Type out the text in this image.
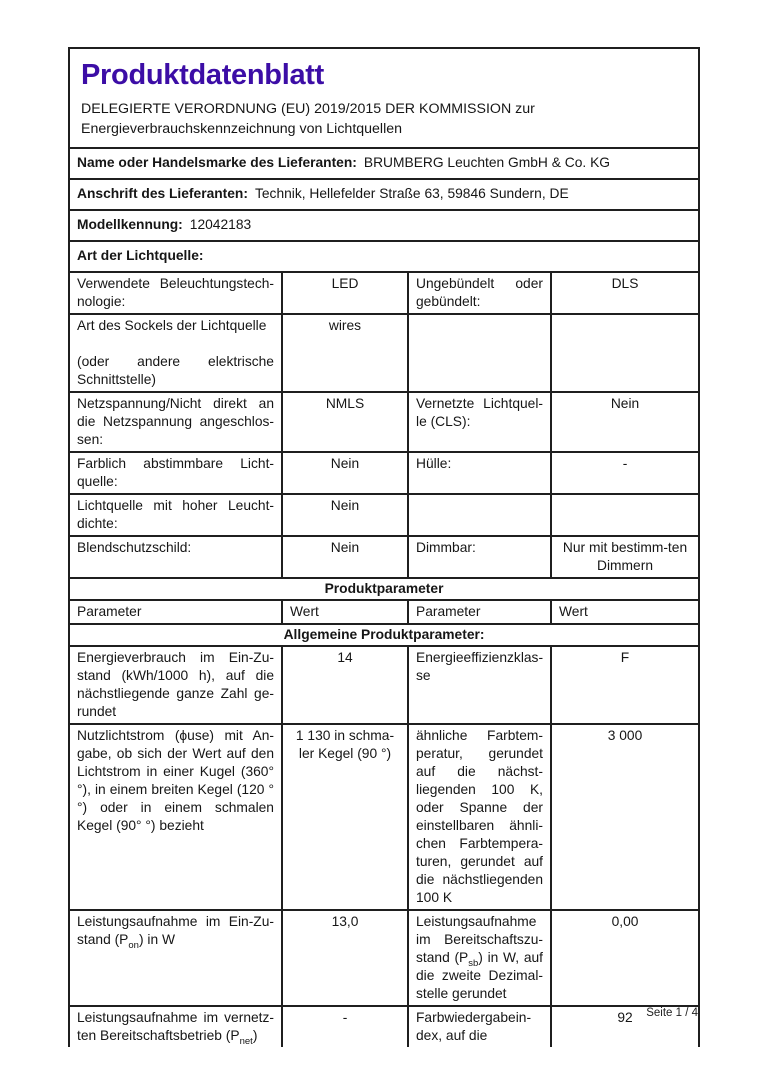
Produktdatenblatt
DELEGIERTE VERORDNUNG (EU) 2019/2015 DER KOMMISSION zur
Energieverbrauchskennzeichnung von Lichtquellen

Name oder Handelsmarke des Lieferanten: BRUMBERG Leuchten GmbH & Co. KG			
Anschrift des Lieferanten: Technik, Hellefelder Straße 63, 59846 Sundern, DE			
Modellkennung: 12042183			
Art der Lichtquelle:			
Verwendete Beleuchtungstech-nologie:	LED	Ungebündelt oder gebündelt:	DLS
Art des Sockels der Lichtquelle

(oder andere elektrische Schnittstelle)	wires		
Netzspannung/Nicht direkt an die Netzspannung angeschlos-sen:	NMLS	Vernetzte Lichtquel-le (CLS):	Nein
Farblich abstimmbare Licht-quelle:	Nein	Hülle:	-
Lichtquelle mit hoher Leucht-dichte:	Nein		
Blendschutzschild:	Nein	Dimmbar:	Nur mit bestimm-ten Dimmern
Produktparameter			
Parameter	Wert	Parameter	Wert
Allgemeine Produktparameter:			
Energieverbrauch im Ein-Zu-stand (kWh/1000 h), auf die nächstliegende ganze Zahl ge-rundet	14	Energieeffizienzklas-se	F
Nutzlichtstrom (ϕuse) mit An-gabe, ob sich der Wert auf den Lichtstrom in einer Kugel (360° °), in einem breiten Kegel (120 °°) oder in einem schmalen Kegel (90° °) bezieht	1 130 in schma-ler Kegel (90 °)	ähnliche Farbtem-peratur, gerundet auf die nächst-liegenden 100 K, oder Spanne der einstellbaren ähnli-chen Farbtempera-turen, gerundet auf die nächstliegenden 100 K	3 000
Leistungsaufnahme im Ein-Zu-stand $(P_{on})$ in W	13,0	Leistungsaufnahme im Bereitschaftszu-stand $(P_{sb})$ in W, auf die zweite Dezimal-stelle gerundet	0,00
Leistungsaufnahme im vernetz-ten Bereitschaftsbetrieb $(P_{net})$	-	Farbwiedergabein-dex, auf die	92 Seite 1 / 4
